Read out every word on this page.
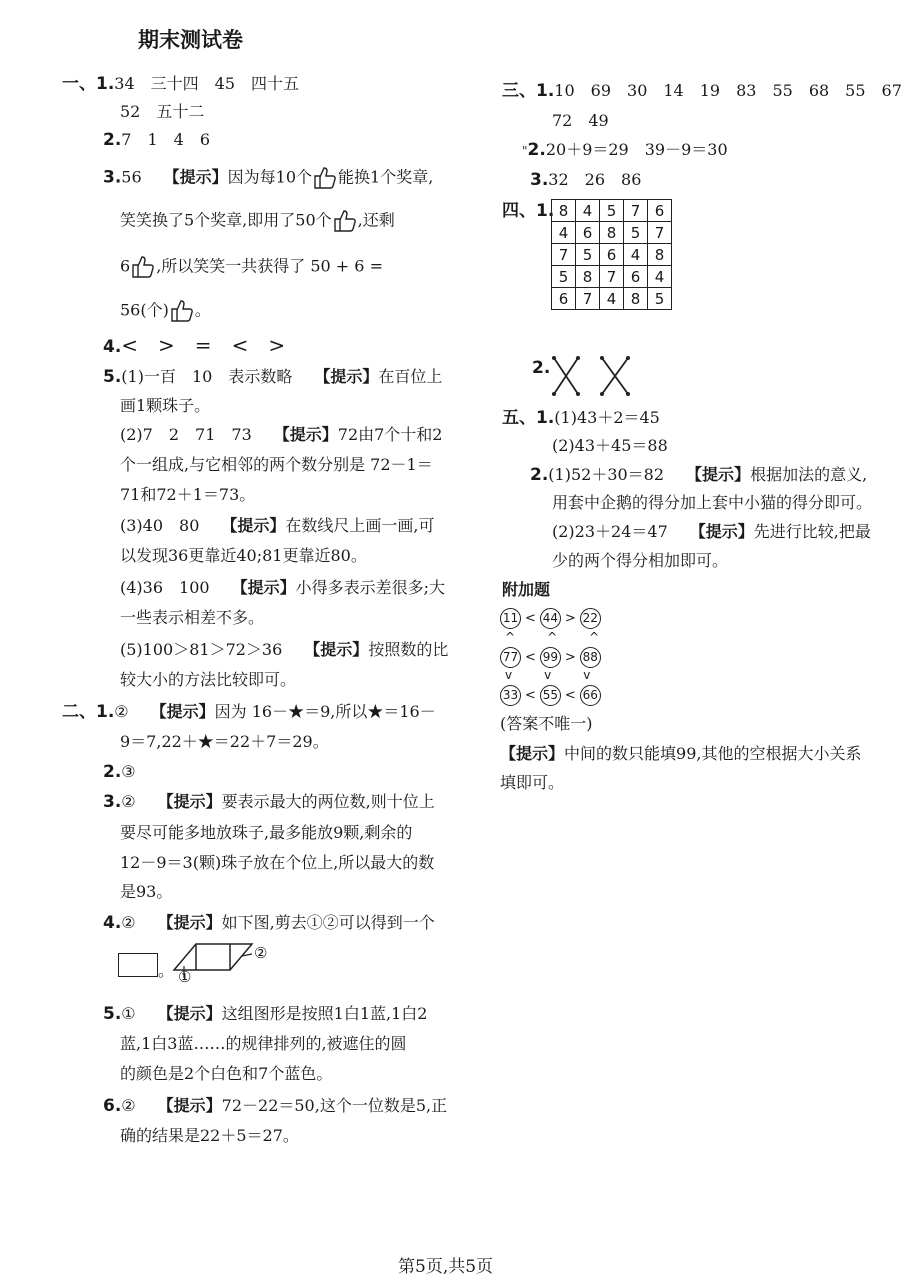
期末测试卷
一、1.34　三十四　45　四十五
52　五十二
2.7　1　4　6
3.56 【提示】因为每10个 能换1个奖章,
笑笑换了5个奖章,即用了50个 ,还剩
6 ,所以笑笑一共获得了 50 + 6 =
56(个) 。
4.<　>　=　<　>
5.(1)一百　10　表示数略 【提示】在百位上
画1颗珠子。
(2)7　2　71　73 【提示】72由7个十和2
个一组成,与它相邻的两个数分别是 72－1＝
71和72＋1＝73。
(3)40　80 【提示】在数线尺上画一画,可
以发现36更靠近40;81更靠近80。
(4)36　100 【提示】小得多表示差很多;大
一些表示相差不多。
(5)100＞81＞72＞36 【提示】按照数的比
较大小的方法比较即可。
二、1.② 【提示】因为 16－★＝9,所以★＝16－
9＝7,22＋★＝22＋7＝29。
2.③
3.② 【提示】要表示最大的两位数,则十位上
要尽可能多地放珠子,最多能放9颗,剩余的
12－9＝3(颗)珠子放在个位上,所以最大的数
是93。
4.② 【提示】如下图,剪去①②可以得到一个
。 ①
②
5.① 【提示】这组图形是按照1白1蓝,1白2
蓝,1白3蓝……的规律排列的,被遮住的圆
的颜色是2个白色和7个蓝色。
6.② 【提示】72－22＝50,这个一位数是5,正
确的结果是22＋5＝27。
三、1.10　69　30　14　19　83　55　68　55　67
72　49
"2.20＋9＝29　39－9＝30
3.32　26　86
四、1. 8	4	5	7	6
4	6	8	5	7
7	5	6	4	8
5	8	7	6	4
6	7	4	8	5
2.
五、1.(1)43＋2＝45
(2)43＋45＝88
2.(1)52＋30＝82 【提示】根据加法的意义,
用套中企鹅的得分加上套中小猫的得分即可。
(2)23＋24＝47 【提示】先进行比较,把最
少的两个得分相加即可。
附加题
11 < 44 > 22
^	^	^
77 < 99 > 88
v	v	v
33 < 55 < 66
(答案不唯一)
【提示】中间的数只能填99,其他的空根据大小关系
填即可。
第5页,共5页
